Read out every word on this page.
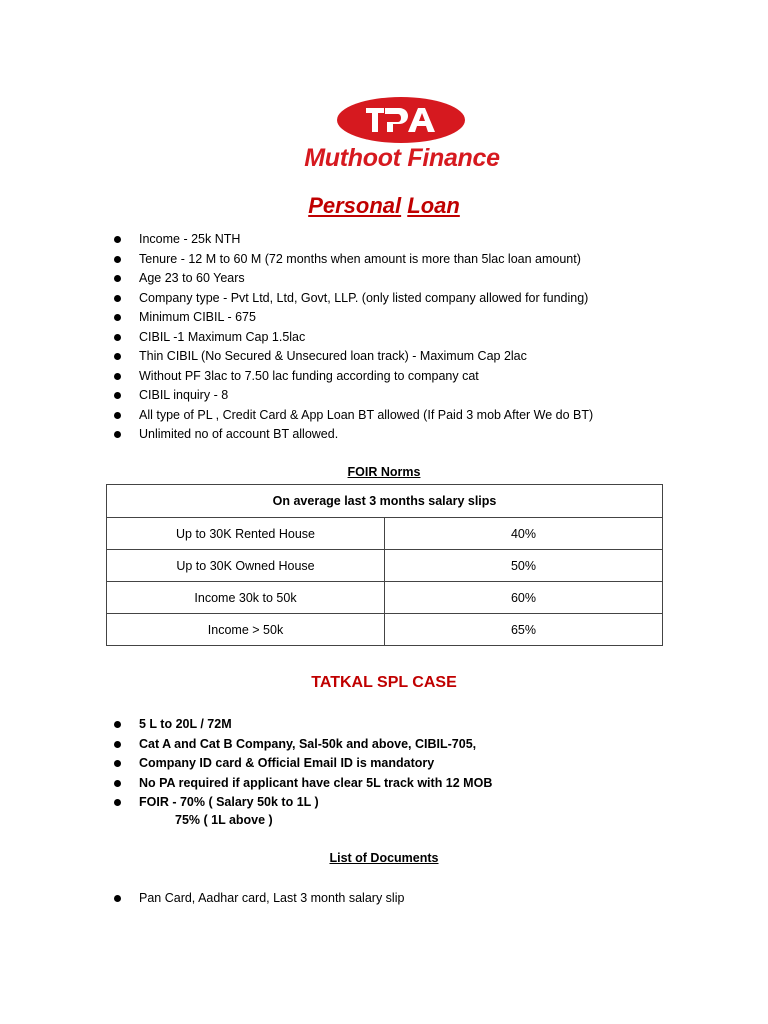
Muthoot Finance
Personal Loan
Income - 25k NTH
Tenure - 12 M to 60 M (72 months when amount is more than 5lac loan amount)
Age 23 to 60 Years
Company type - Pvt Ltd, Ltd, Govt, LLP. (only listed company allowed for funding)
Minimum CIBIL - 675
CIBIL -1 Maximum Cap 1.5lac
Thin CIBIL (No Secured & Unsecured loan track) - Maximum Cap 2lac
Without PF 3lac to 7.50 lac funding according to company cat
CIBIL inquiry - 8
All type of PL , Credit Card & App Loan BT allowed (If Paid 3 mob After We do BT)
Unlimited no of account BT allowed.
FOIR Norms
On average last 3 months salary slips	
Up to 30K Rented House	40%
Up to 30K Owned House	50%
Income 30k to 50k	60%
Income > 50k	65%
TATKAL SPL CASE
5 L to 20L / 72M
Cat A and Cat B Company, Sal-50k and above, CIBIL-705,
Company ID card & Official Email ID is mandatory
No PA required if applicant have clear 5L track with 12 MOB
FOIR - 70% ( Salary 50k to 1L )
75% ( 1L above )
List of Documents
Pan Card, Aadhar card, Last 3 month salary slip
